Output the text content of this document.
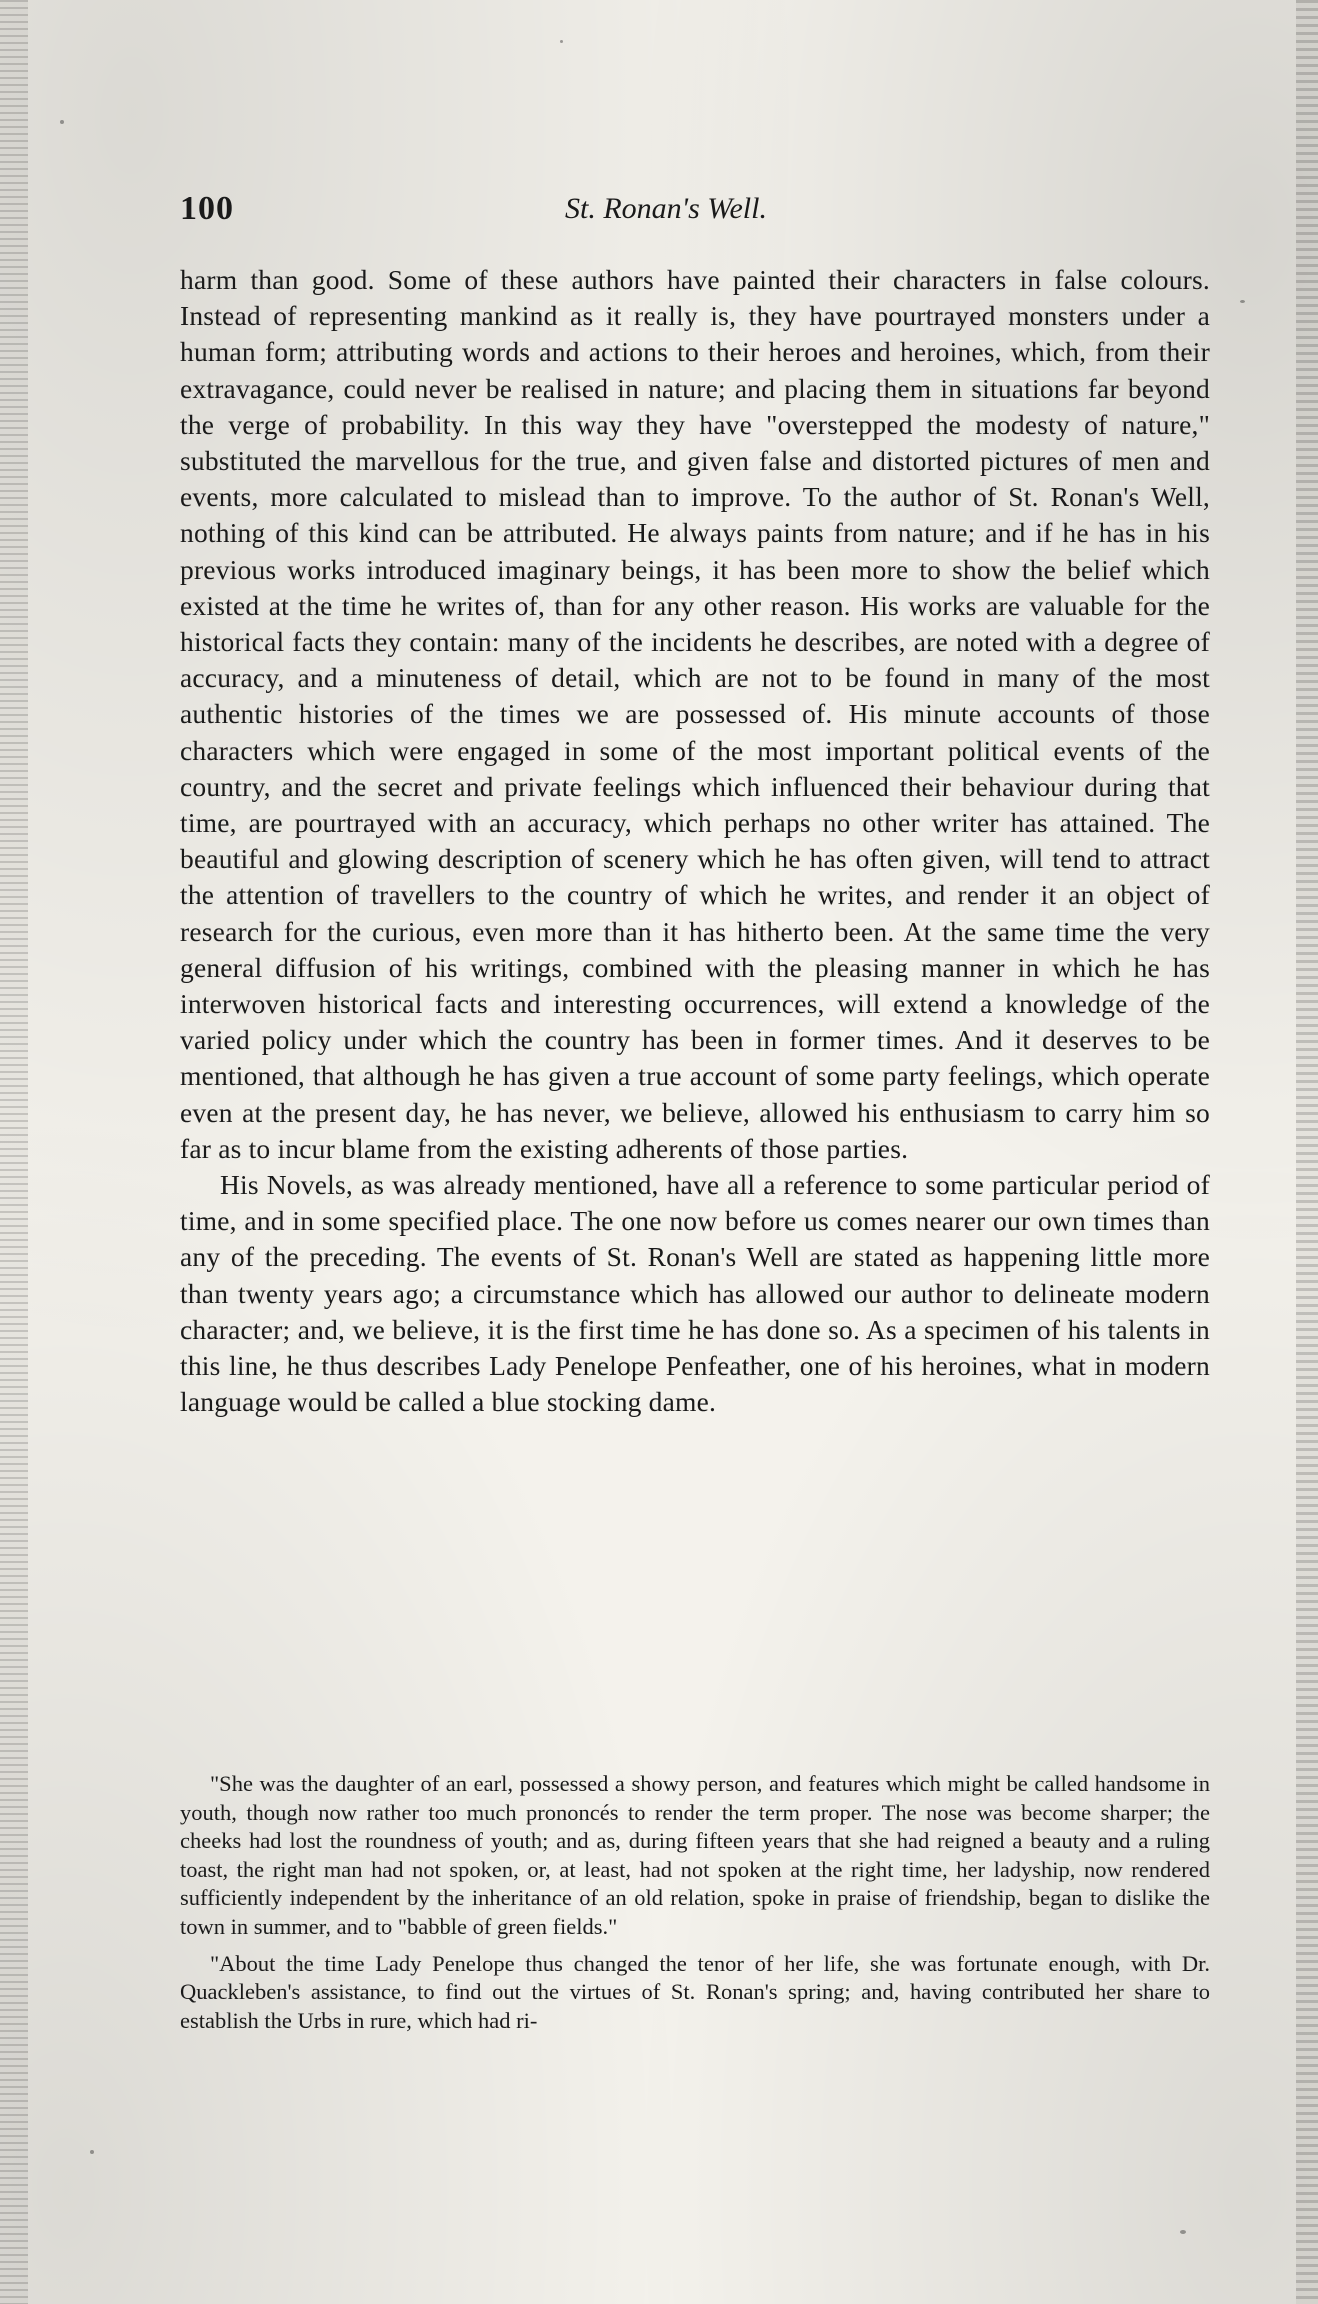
100	St. Ronan's Well.

harm than good. Some of these authors have painted their characters in false colours. Instead of representing mankind as it really is, they have pourtrayed monsters under a human form; attributing words and actions to their heroes and heroines, which, from their extravagance, could never be realised in nature; and placing them in situations far beyond the verge of probability. In this way they have "overstepped the modesty of nature," substituted the marvellous for the true, and given false and distorted pictures of men and events, more calculated to mislead than to improve. To the author of St. Ronan's Well, nothing of this kind can be attributed. He always paints from nature; and if he has in his previous works introduced imaginary beings, it has been more to show the belief which existed at the time he writes of, than for any other reason. His works are valuable for the historical facts they contain: many of the incidents he describes, are noted with a degree of accuracy, and a minuteness of detail, which are not to be found in many of the most authentic histories of the times we are possessed of. His minute accounts of those characters which were engaged in some of the most important political events of the country, and the secret and private feelings which influenced their behaviour during that time, are pourtrayed with an accuracy, which perhaps no other writer has attained. The beautiful and glowing description of scenery which he has often given, will tend to attract the attention of travellers to the country of which he writes, and render it an object of research for the curious, even more than it has hitherto been. At the same time the very general diffusion of his writings, combined with the pleasing manner in which he has interwoven historical facts and interesting occurrences, will extend a knowledge of the varied policy under which the country has been in former times. And it deserves to be mentioned, that although he has given a true account of some party feelings, which operate even at the present day, he has never, we believe, allowed his enthusiasm to carry him so far as to incur blame from the existing adherents of those parties.

His Novels, as was already mentioned, have all a reference to some particular period of time, and in some specified place. The one now before us comes nearer our own times than any of the preceding. The events of St. Ronan's Well are stated as happening little more than twenty years ago; a circumstance which has allowed our author to delineate modern character; and, we believe, it is the first time he has done so. As a specimen of his talents in this line, he thus describes Lady Penelope Penfeather, one of his heroines, what in modern language would be called a blue stocking dame.

"She was the daughter of an earl, possessed a showy person, and features which might be called handsome in youth, though now rather too much prononcés to render the term proper. The nose was become sharper; the cheeks had lost the roundness of youth; and as, during fifteen years that she had reigned a beauty and a ruling toast, the right man had not spoken, or, at least, had not spoken at the right time, her ladyship, now rendered sufficiently independent by the inheritance of an old relation, spoke in praise of friendship, began to dislike the town in summer, and to "babble of green fields."

"About the time Lady Penelope thus changed the tenor of her life, she was fortunate enough, with Dr. Quackleben's assistance, to find out the virtues of St. Ronan's spring; and, having contributed her share to establish the Urbs in rure, which had ri-
